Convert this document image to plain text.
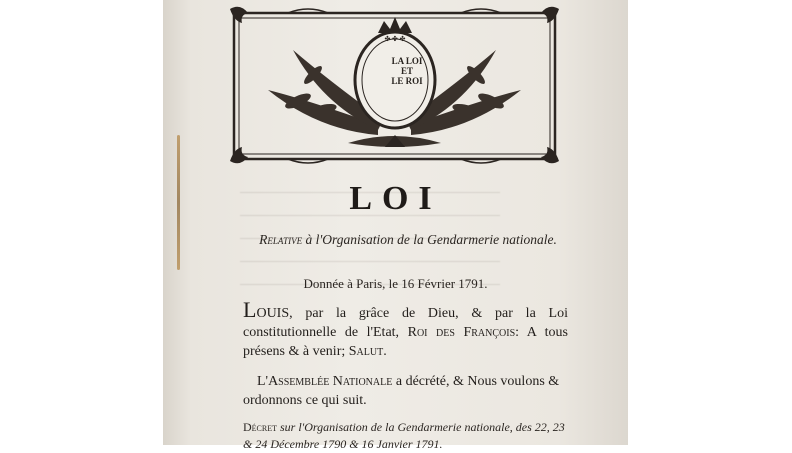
✤ ✤ ✤
LA LOI
ET
LE ROI
LOI
Relative à l'Organisation de la Gendarmerie nationale.
Donnée à Paris, le 16 Février 1791.
LOUIS, par la grâce de Dieu, & par la Loi constitutionnelle de l'Etat, Roi des François: A tous présens & à venir; Salut.
L'Assemblée Nationale a décrété, & Nous voulons & ordonnons ce qui suit.
Décret sur l'Organisation de la Gendarmerie nationale, des 22, 23 & 24 Décembre 1790 & 16 Janvier 1791.
